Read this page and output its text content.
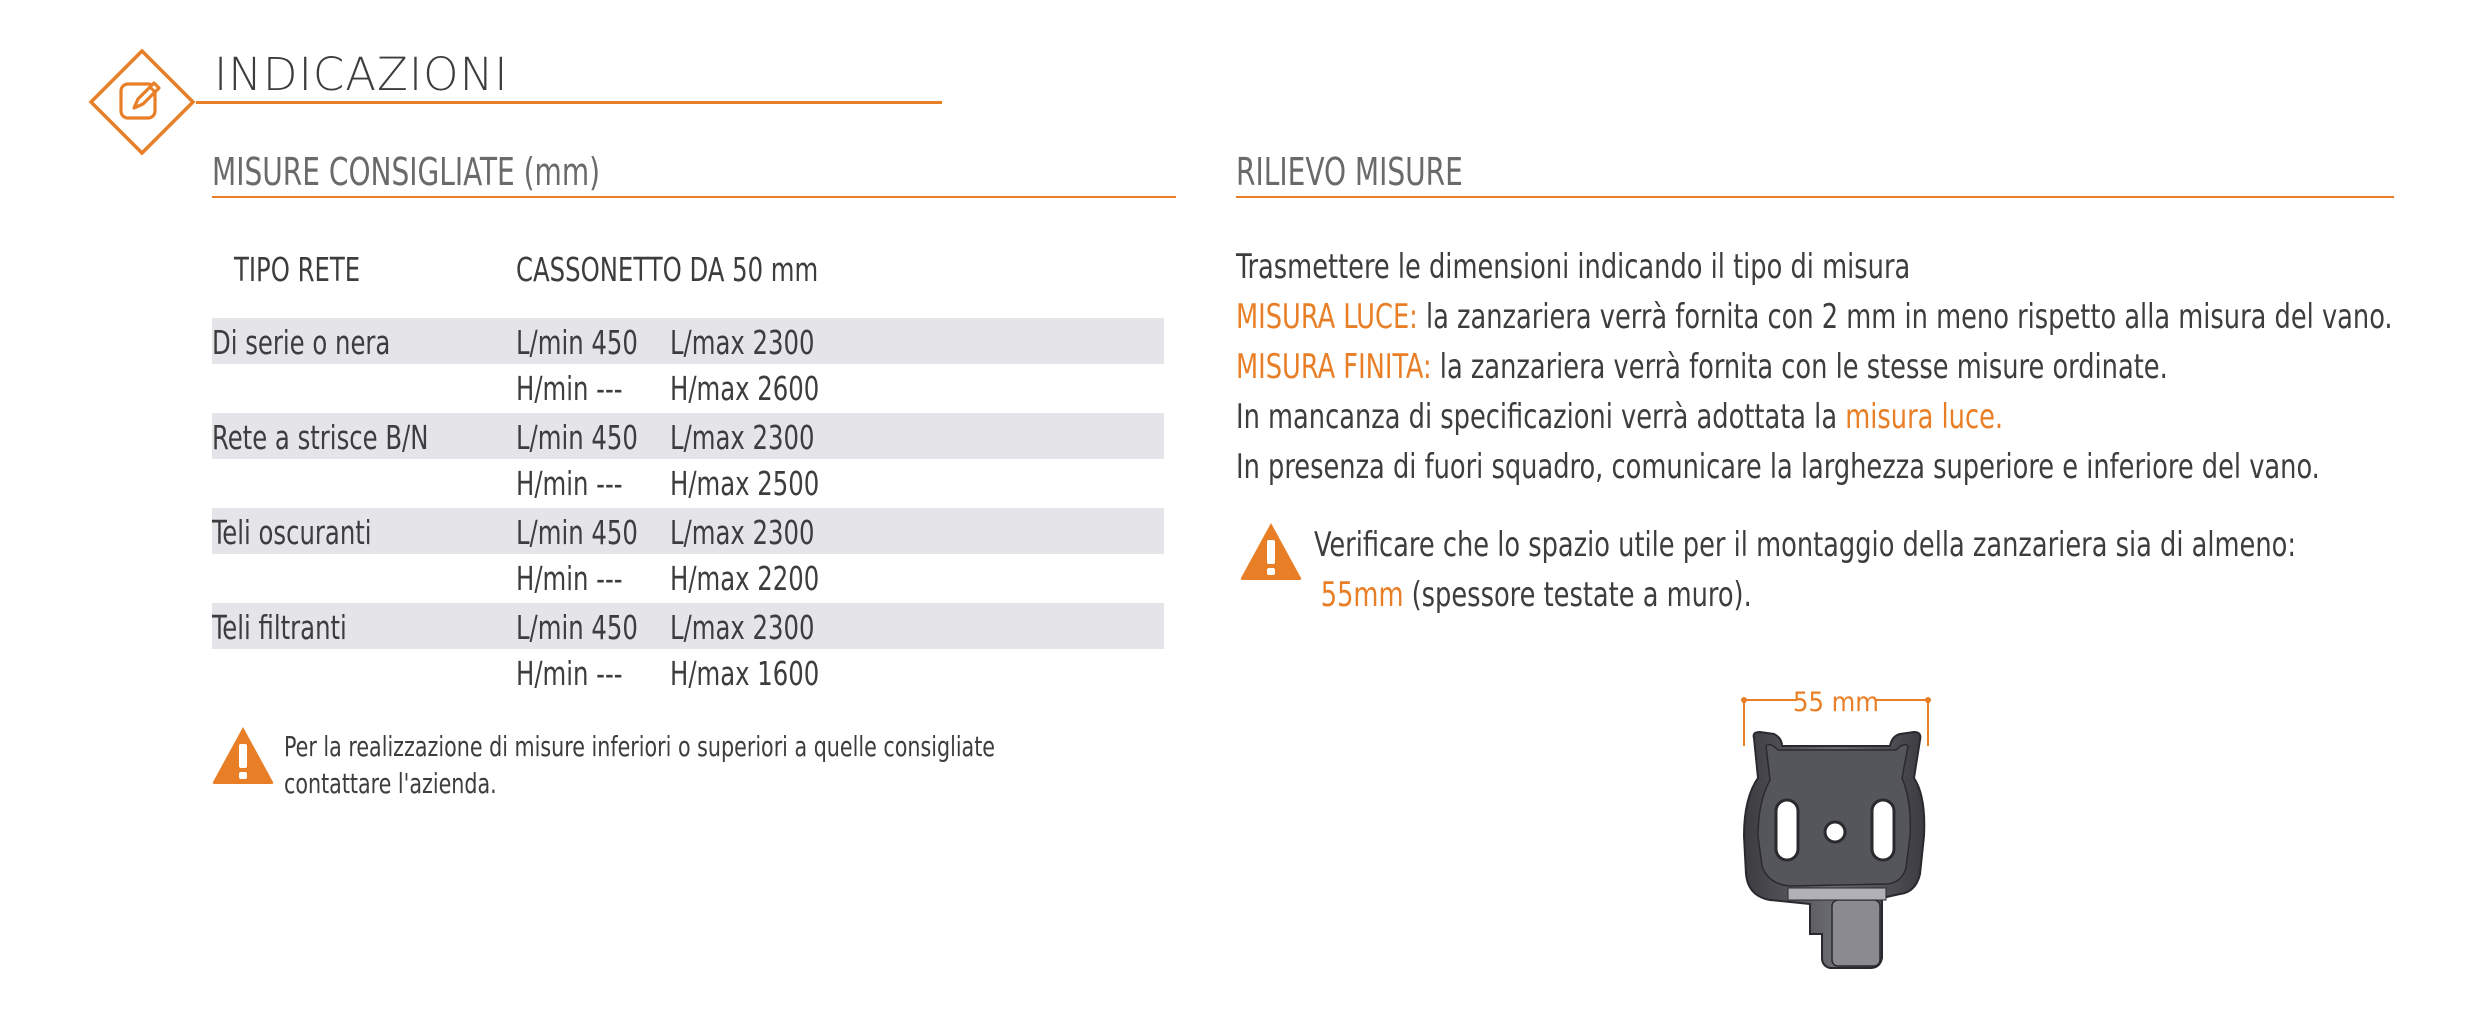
INDICAZIONI
MISURE CONSIGLIATE (mm)
TIPO RETE	CASSONETTO DA 50 mm
Di serie o nera	L/min 450 L/max 2300
H/min --- H/max 2600
Rete a strisce B/N	L/min 450 L/max 2300
H/min --- H/max 2500
Teli oscuranti	L/min 450 L/max 2300
H/min --- H/max 2200
Teli filtranti	L/min 450 L/max 2300
H/min --- H/max 1600
Per la realizzazione di misure inferiori o superiori a quelle consigliate contattare l'azienda.
RILIEVO MISURE
Trasmettere le dimensioni indicando il tipo di misura
MISURA LUCE: la zanzariera verrà fornita con 2 mm in meno rispetto alla misura del vano.
MISURA FINITA: la zanzariera verrà fornita con le stesse misure ordinate.
In mancanza di specificazioni verrà adottata la misura luce.
In presenza di fuori squadro, comunicare la larghezza superiore e inferiore del vano.
Verificare che lo spazio utile per il montaggio della zanzariera sia di almeno:
55mm (spessore testate a muro).
55 mm
